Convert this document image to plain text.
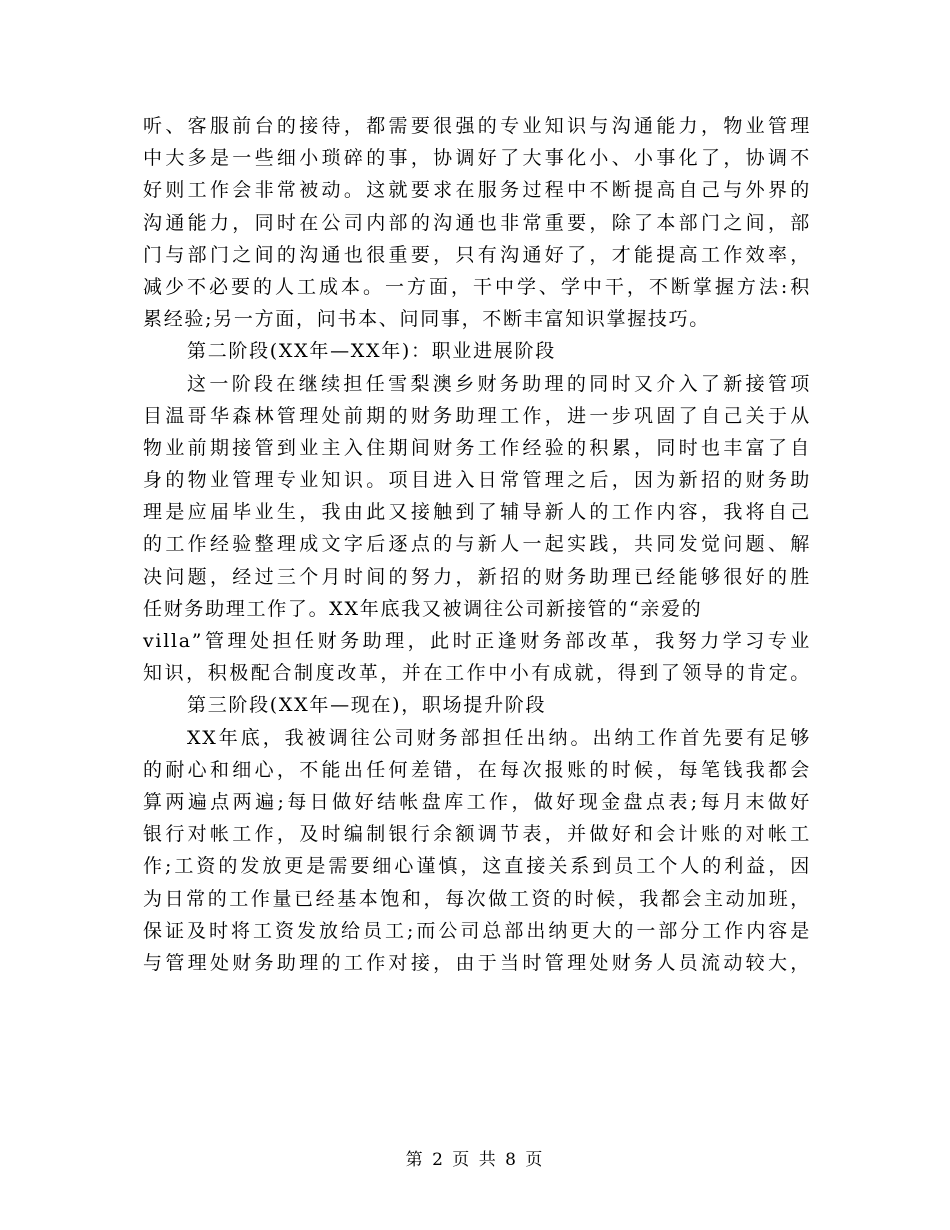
听、客服前台的接待，都需要很强的专业知识与沟通能力，物业管理
中大多是一些细小琐碎的事，协调好了大事化小、小事化了，协调不
好则工作会非常被动。这就要求在服务过程中不断提高自己与外界的
沟通能力，同时在公司内部的沟通也非常重要，除了本部门之间，部
门与部门之间的沟通也很重要，只有沟通好了，才能提高工作效率，
减少不必要的人工成本。一方面，干中学、学中干，不断掌握方法:积
累经验;另一方面，问书本、问同事，不断丰富知识掌握技巧。
第二阶段(XX年—XX年)：职业进展阶段
这一阶段在继续担任雪梨澳乡财务助理的同时又介入了新接管项
目温哥华森林管理处前期的财务助理工作，进一步巩固了自己关于从
物业前期接管到业主入住期间财务工作经验的积累，同时也丰富了自
身的物业管理专业知识。项目进入日常管理之后，因为新招的财务助
理是应届毕业生，我由此又接触到了辅导新人的工作内容，我将自己
的工作经验整理成文字后逐点的与新人一起实践，共同发觉问题、解
决问题，经过三个月时间的努力，新招的财务助理已经能够很好的胜
任财务助理工作了。XX年底我又被调往公司新接管的“亲爱的
villa”管理处担任财务助理，此时正逢财务部改革，我努力学习专业
知识，积极配合制度改革，并在工作中小有成就，得到了领导的肯定。
第三阶段(XX年—现在)，职场提升阶段
XX年底，我被调往公司财务部担任出纳。出纳工作首先要有足够
的耐心和细心，不能出任何差错，在每次报账的时候，每笔钱我都会
算两遍点两遍;每日做好结帐盘库工作，做好现金盘点表;每月末做好
银行对帐工作，及时编制银行余额调节表，并做好和会计账的对帐工
作;工资的发放更是需要细心谨慎，这直接关系到员工个人的利益，因
为日常的工作量已经基本饱和，每次做工资的时候，我都会主动加班，
保证及时将工资发放给员工;而公司总部出纳更大的一部分工作内容是
与管理处财务助理的工作对接，由于当时管理处财务人员流动较大，
第 2 页 共 8 页
